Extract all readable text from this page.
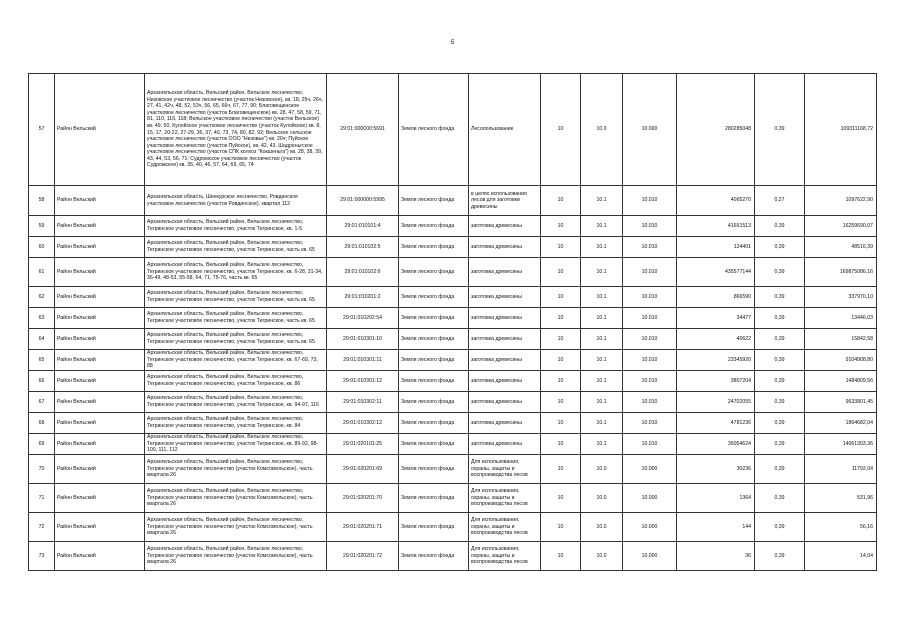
5
57	Район Вельский	Архангельская область, Вельский район, Вельское лесничество, Низовское участковое лесничество (участок Низовское), кв. 18, 25ч, 26ч, 27, 41, 42ч, 48, 52, 53ч, 56, 65, 66ч, 67, 77, 90; Благовещенское участковое лесничество (участок Благовещенское) кв. 28, 47, 58, 59, 71, 81, 110, 116, 118; Вельское участковое лесничество (участок Вельское) кв. 49, 50, Кулойское участковое лесничество (участок Кулойское) кв. 8, 15, 17, 20-22, 27-29, 36, 37, 40, 73, 74, 80, 82, 92; Вельское сельское участковое лесничество (участок ООО "Низовье") кв. 20ч; Пуйское участковое лесничество (участок Пуйское), кв. 42, 43, Шадреньгское участковое лесничество (участок СПК колхоз "Кокшеньга") кв. 28, 38, 39, 43, 44, 53, 56, 71; Судромское участковое лесничество (участок Судромское) кв. 35, 40, 46, 57, 64, 69, 65, 74	29:01:000000:5691	Земли лесного фонда	Лесопользование	10	10.0	10.000	280285048	0,39	109311168,72
58	Район Вельский	Архангельская область, Шенкурское лесничество, Ровдинское участковое лесничество (участок Ровдинское), квартал 112	29:01:000000:5995	Земли лесного фонда	в целях использования лесов для заготовки древесины	10	10.1	10.010	4065270	0,27	1097622,90
59	Район Вельский	Архангельская область, Вельский район, Вельское лесничество, Тегринское участковое лесничество, участок Тегринское, кв. 1-5	29:01:010101:4	Земли лесного фонда	заготовка древесины	10	10.1	10.010	41691513	0,39	16259690,07
60	Район Вельский	Архангельская область, Вельский район, Вельское лесничество, Тегринское участковое лесничество, участок Тегринское, часть кв. 65	29:01:010102:5	Земли лесного фонда	заготовка древесины	10	10.1	10.010	124401	0,39	48516,39
61	Район Вельский	Архангельская область, Вельский район, Вельское лесничество, Тегринское участковое лесничество, участок Тегринское, кв. 6-28, 31-34, 36-49, 48-53, 55-58, 64, 71, 75-76, часть кв. 65	29:01:010102:6	Земли лесного фонда	заготовка древесины	10	10.1	10.010	435577144	0,39	169875086,16
62	Район Вельский	Архангельская область, Вельский район, Вельское лесничество, Тегринское участковое лесничество, участок Тегринское, часть кв. 65	29:01:010201:2	Земли лесного фонда	заготовка древесины	10	10.1	10.010	866590	0,39	337970,10
63	Район Вельский	Архангельская область, Вельский район, Вельское лесничество, Тегринское участковое лесничество, участок Тегринское, часть кв. 65	29:01:010202:54	Земли лесного фонда	заготовка древесины	10	10.1	10.010	34477	0,39	13446,03
64	Район Вельский	Архангельская область, Вельский район, Вельское лесничество, Тегринское участковое лесничество, участок Тегринское, часть кв. 65	29:01:010301:10	Земли лесного фонда	заготовка древесины	10	10.1	10.010	40622	0,39	15842,58
65	Район Вельский	Архангельская область, Вельский район, Вельское лесничество, Тегринское участковое лесничество, участок Тегринское, кв. 67-69, 73, 88	29:01:010301:11	Земли лесного фонда	заготовка древесины	10	10.1	10.010	23345920	0,39	9104908,80
66	Район Вельский	Архангельская область, Вельский район, Вельское лесничество, Тегринское участковое лесничество, участок Тегринское, кв. 86	29:01:010301:12	Земли лесного фонда	заготовка древесины	10	10.1	10.010	3807204	0,39	1484809,56
67	Район Вельский	Архангельская область, Вельский район, Вельское лесничество, Тегринское участковое лесничество, участок Тегринское, кв. 94-97, 116	29:01:010302:11	Земли лесного фонда	заготовка древесины	10	10.1	10.010	24702055	0,39	9633801,45
68	Район Вельский	Архангельская область, Вельский район, Вельское лесничество, Тегринское участковое лесничество, участок Тегринское, кв. 84	29:01:010302:12	Земли лесного фонда	заготовка древесины	10	10.1	10.010	4781236	0,39	1864682,04
69	Район Вельский	Архангельская область, Вельский район, Вельское лесничество, Тегринское участковое лесничество, участок Тегринское, кв. 89-92, 98-100, 111, 112	29:01:020101:25	Земли лесного фонда	заготовка древесины	10	10.1	10.010	36054624	0,39	14061303,36
70	Район Вельский	Архангельская область, Вельский район, Вельское лесничество, Тегринское участковое лесничество (участок Комсомольское), часть квартала 26	29:01:020201:69	Земли лесного фонда	Для использования, охраны, защиты и воспроизводства лесов	10	10.0	10.000	30236	0,39	11792,04
71	Район Вельский	Архангельская область, Вельский район, Вельское лесничество, Тегринское участковое лесничество (участок Комсомольское), часть квартала 26	29:01:020201:70	Земли лесного фонда	Для использования, охраны, защиты и воспроизводства лесов	10	10.0	10.000	1364	0,39	531,96
72	Район Вельский	Архангельская область, Вельский район, Вельское лесничество, Тегринское участковое лесничество (участок Комсомольское), часть квартала 26	29:01:020201:71	Земли лесного фонда	Для использования, охраны, защиты и воспроизводства лесов	10	10.0	10.000	144	0,39	56,16
73	Район Вельский	Архангельская область, Вельский район, Вельское лесничество, Тегринское участковое лесничество (участок Комсомольское), часть квартала 26	29:01:020201:72	Земли лесного фонда	Для использования, охраны, защиты и воспроизводства лесов	10	10.0	10.000	36	0,39	14,04
